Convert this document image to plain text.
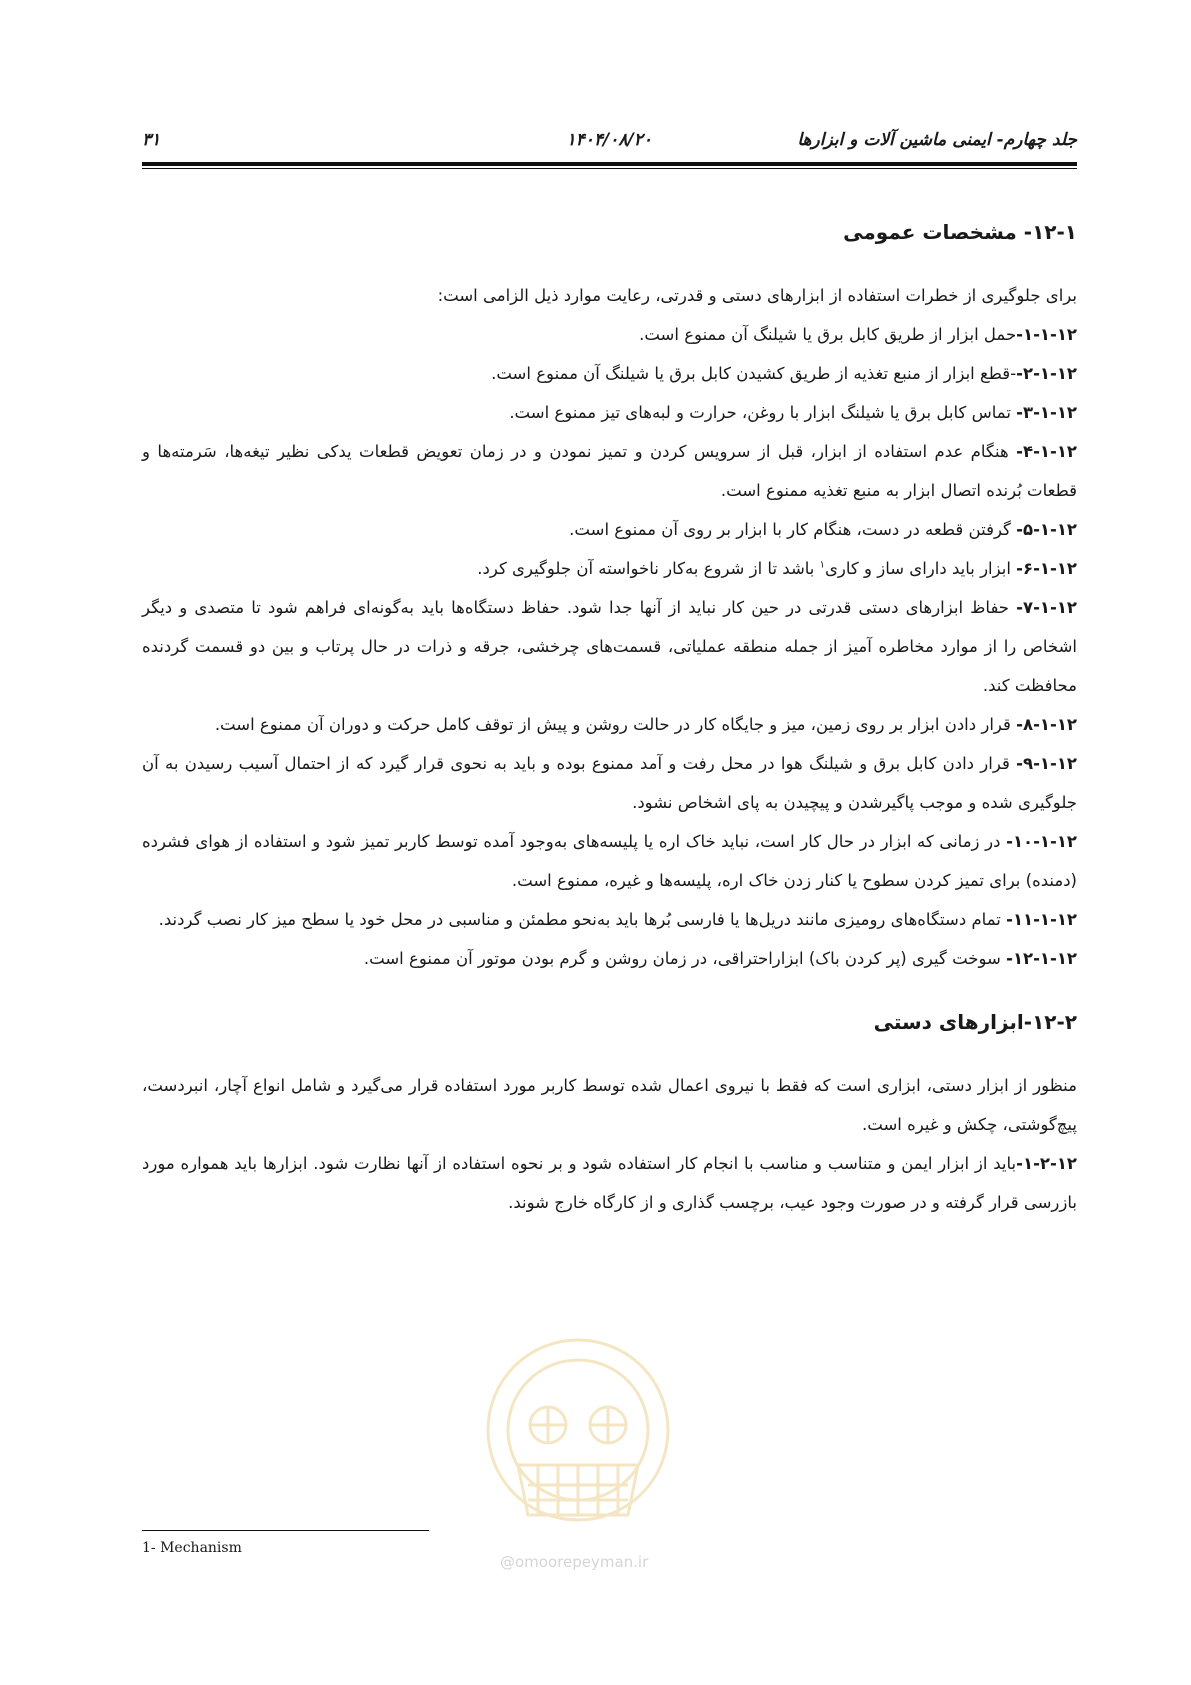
جلد چهارم- ایمنی ماشین آلات و ابزارها
۱۴۰۴/۰۸/۲۰
۳۱
۱۲-۱- مشخصات عمومی

برای جلوگیری از خطرات استفاده از ابزارهای دستی و قدرتی، رعایت موارد ذیل الزامی است:

۱-۱-۱۲-حمل ابزار از طریق کابل برق یا شیلنگ آن ممنوع است.

۲-۱-۱۲--قطع ابزار از منبع تغذیه از طریق کشیدن کابل برق یا شیلنگ آن ممنوع است.

۳-۱-۱۲- تماس کابل برق یا شیلنگ ابزار با روغن، حرارت و لبه‌های تیز ممنوع است.

۴-۱-۱۲- هنگام عدم استفاده از ابزار، قبل از سرویس کردن و تمیز نمودن و در زمان تعویض قطعات یدکی نظیر تیغه‌ها، سَرمته‌ها و قطعات بُرنده اتصال ابزار به منبع تغذیه ممنوع است.

۵-۱-۱۲- گرفتن قطعه در دست، هنگام کار با ابزار بر روی آن ممنوع است.

۶-۱-۱۲- ابزار باید دارای ساز و کاری$^۱$ باشد تا از شروع به‌کار ناخواسته آن جلوگیری کرد.

۷-۱-۱۲- حفاظ ابزارهای دستی قدرتی در حین کار نباید از آنها جدا شود. حفاظ دستگاه‌ها باید به‌گونه‌ای فراهم شود تا متصدی و دیگر اشخاص را از موارد مخاطره آمیز از جمله منطقه عملیاتی، قسمت‌های چرخشی، جرقه و ذرات در حال پرتاب و بین دو قسمت گردنده محافظت کند.

۸-۱-۱۲- قرار دادن ابزار بر روی زمین، میز و جایگاه کار در حالت روشن و پیش از توقف کامل حرکت و دوران آن ممنوع است.

۹-۱-۱۲- قرار دادن کابل برق و شیلنگ هوا در محل رفت و آمد ممنوع بوده و باید به نحوی قرار گیرد که از احتمال آسیب رسیدن به آن جلوگیری شده و موجب پاگیرشدن و پیچیدن به پای اشخاص نشود.

۱۰-۱-۱۲- در زمانی که ابزار در حال کار است، نباید خاک اره یا پلیسه‌های به‌وجود آمده توسط کاربر تمیز شود و استفاده از هوای فشرده (دمنده) برای تمیز کردن سطوح یا کنار زدن خاک اره، پلیسه‌ها و غیره، ممنوع است.

۱۱-۱-۱۲- تمام دستگاه‌های رومیزی مانند دریل‌ها یا فارسی بُرها باید به‌نحو مطمئن و مناسبی در محل خود یا سطح میز کار نصب گردند.

۱۲-۱-۱۲- سوخت گیری (پر کردن باک) ابزاراحتراقی، در زمان روشن و گرم بودن موتور آن ممنوع است.

۱۲-۲-ابزارهای دستی

منظور از ابزار دستی، ابزاری است که فقط با نیروی اعمال شده توسط کاربر مورد استفاده قرار می‌گیرد و شامل انواع آچار، انبردست، پیچ‌گوشتی، چکش و غیره است.

۱-۲-۱۲-باید از ابزار ایمن و متناسب و مناسب با انجام کار استفاده شود و بر نحوه استفاده از آنها نظارت شود. ابزارها باید همواره مورد بازرسی قرار گرفته و در صورت وجود عیب، برچسب گذاری و از کارگاه خارج شوند.

@omoorepeyman.ir
1- Mechanism
